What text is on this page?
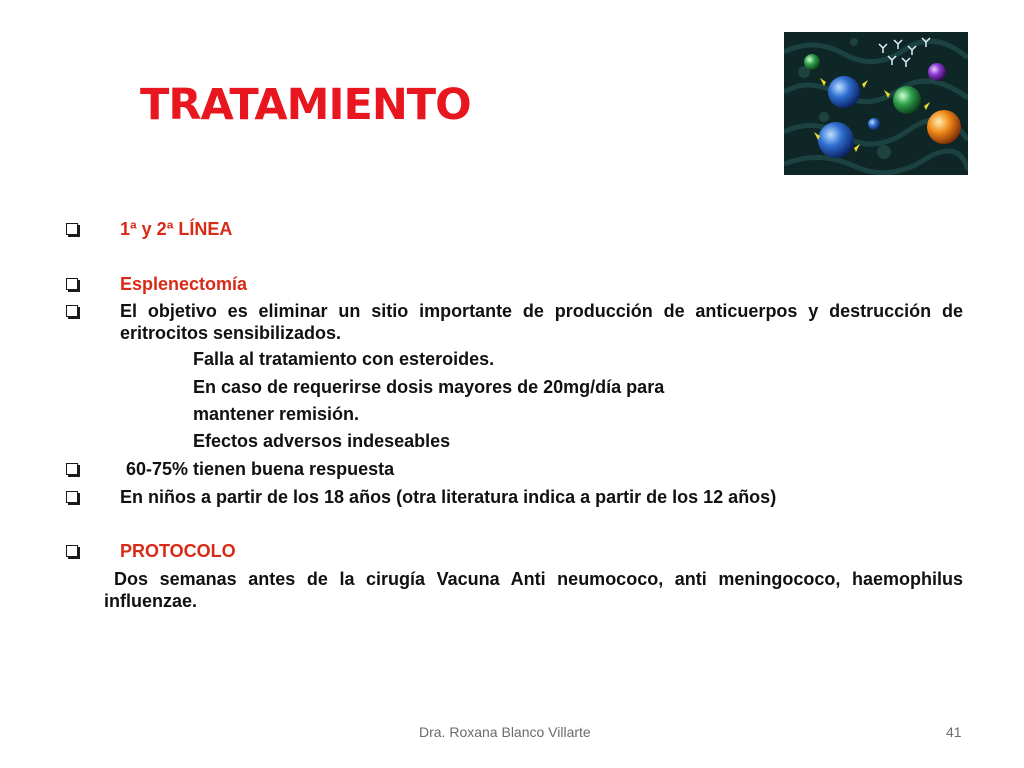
TRATAMIENTO
1ª y 2ª LÍNEA
Esplenectomía
El objetivo es eliminar un sitio importante de producción de anticuerpos y destrucción de eritrocitos sensibilizados.
Falla al tratamiento con esteroides.
En caso de requerirse dosis mayores de 20mg/día para
mantener remisión.
Efectos adversos indeseables
60-75% tienen buena respuesta
En niños a partir de los 18 años (otra literatura indica a partir de los 12 años)
PROTOCOLO
Dos semanas antes de la cirugía Vacuna Anti neumococo, anti meningococo, haemophilus influenzae.
Dra. Roxana Blanco Villarte	41
